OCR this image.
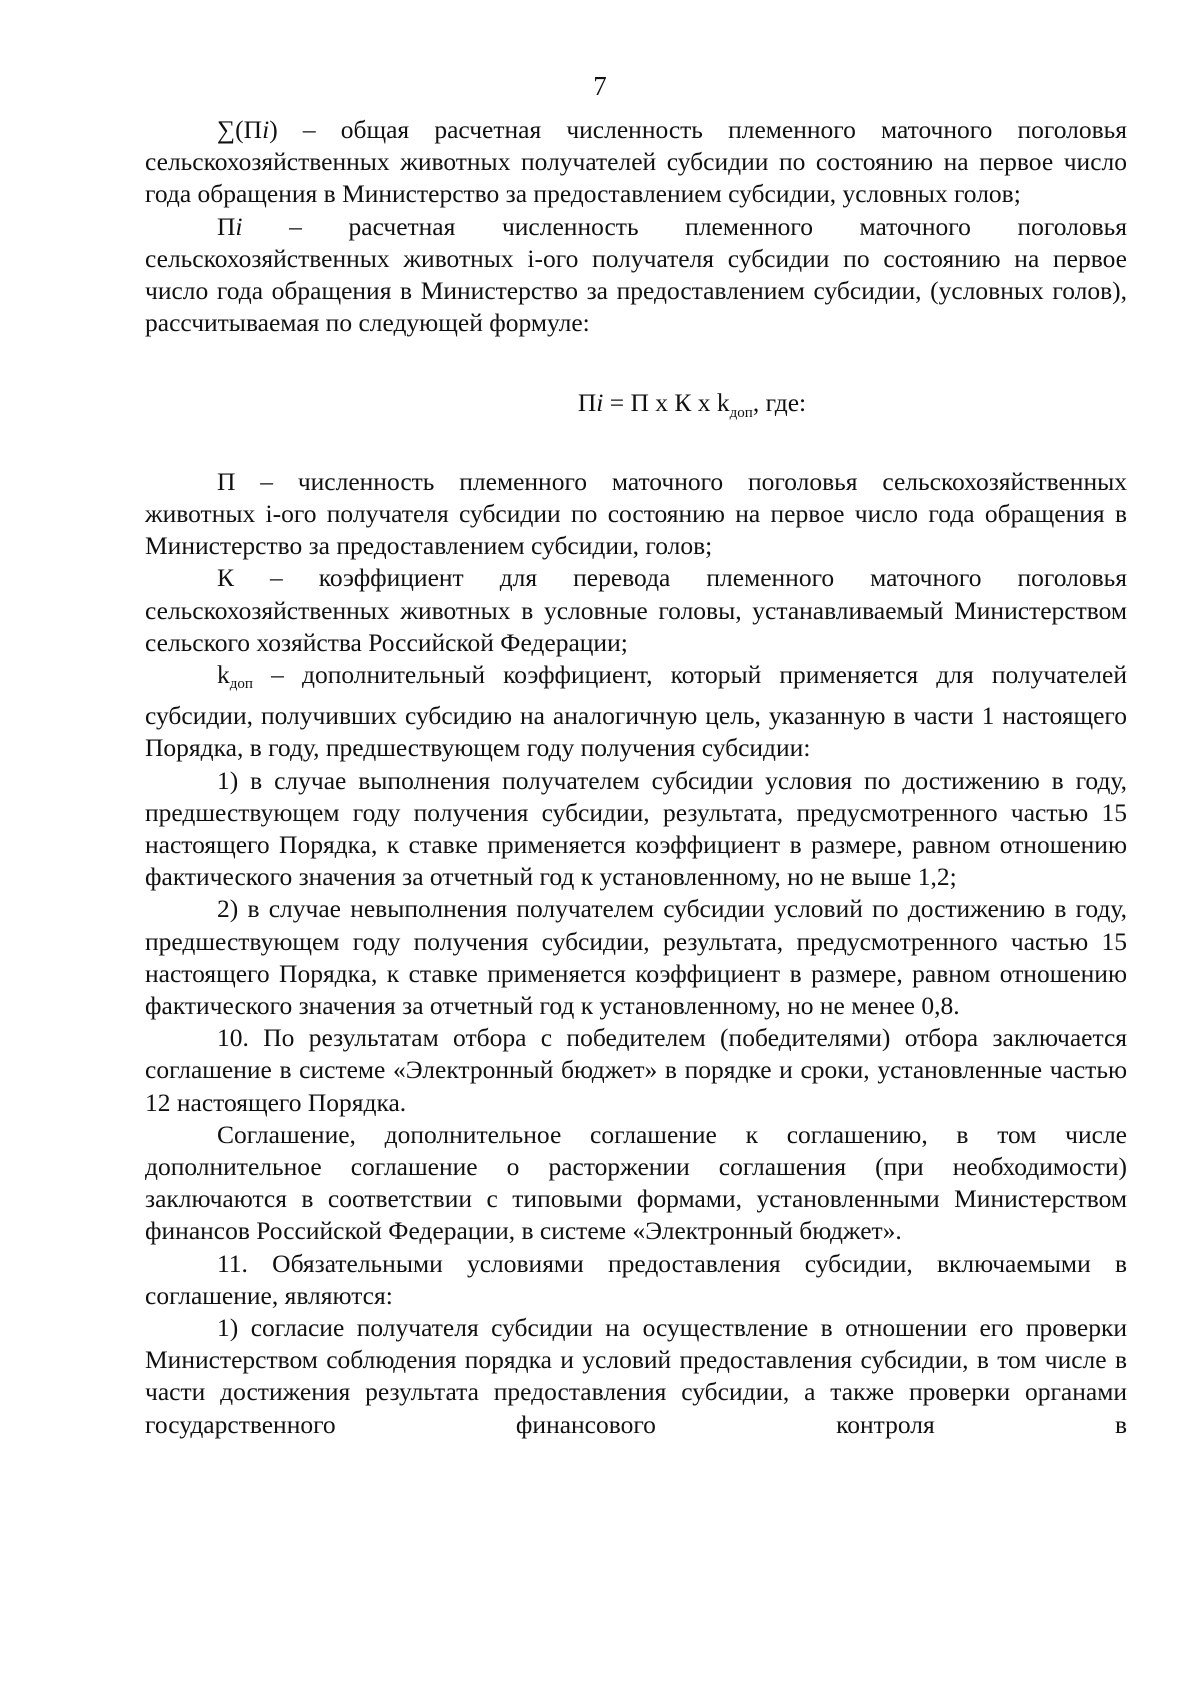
7

∑(Пi) – общая расчетная численность племенного маточного поголовья сельскохозяйственных животных получателей субсидии по состоянию на первое число года обращения в Министерство за предоставлением субсидии, условных голов;

Пi – расчетная численность племенного маточного поголовья сельскохозяйственных животных i-ого получателя субсидии по состоянию на первое число года обращения в Министерство за предоставлением субсидии, (условных голов), рассчитываемая по следующей формуле:

Пi = П х К х $k_{доп}$, где:

П – численность племенного маточного поголовья сельскохозяйственных животных i-ого получателя субсидии по состоянию на первое число года обращения в Министерство за предоставлением субсидии, голов;

К – коэффициент для перевода племенного маточного поголовья сельскохозяйственных животных в условные головы, устанавливаемый Министерством сельского хозяйства Российской Федерации;

kдоп – дополнительный коэффициент, который применяется для получателей субсидии, получивших субсидию на аналогичную цель, указанную в части 1 настоящего Порядка, в году, предшествующем году получения субсидии:

1) в случае выполнения получателем субсидии условия по достижению в году, предшествующем году получения субсидии, результата, предусмотренного частью 15 настоящего Порядка, к ставке применяется коэффициент в размере, равном отношению фактического значения за отчетный год к установленному, но не выше 1,2;

2) в случае невыполнения получателем субсидии условий по достижению в году, предшествующем году получения субсидии, результата, предусмотренного частью 15 настоящего Порядка, к ставке применяется коэффициент в размере, равном отношению фактического значения за отчетный год к установленному, но не менее 0,8.

10. По результатам отбора с победителем (победителями) отбора заключается соглашение в системе «Электронный бюджет» в порядке и сроки, установленные частью 12 настоящего Порядка.

Соглашение, дополнительное соглашение к соглашению, в том числе дополнительное соглашение о расторжении соглашения (при необходимости) заключаются в соответствии с типовыми формами, установленными Министерством финансов Российской Федерации, в системе «Электронный бюджет».

11. Обязательными условиями предоставления субсидии, включаемыми в соглашение, являются:

1) согласие получателя субсидии на осуществление в отношении его проверки Министерством соблюдения порядка и условий предоставления субсидии, в том числе в части достижения результата предоставления субсидии, а также проверки органами государственного финансового контроля в
